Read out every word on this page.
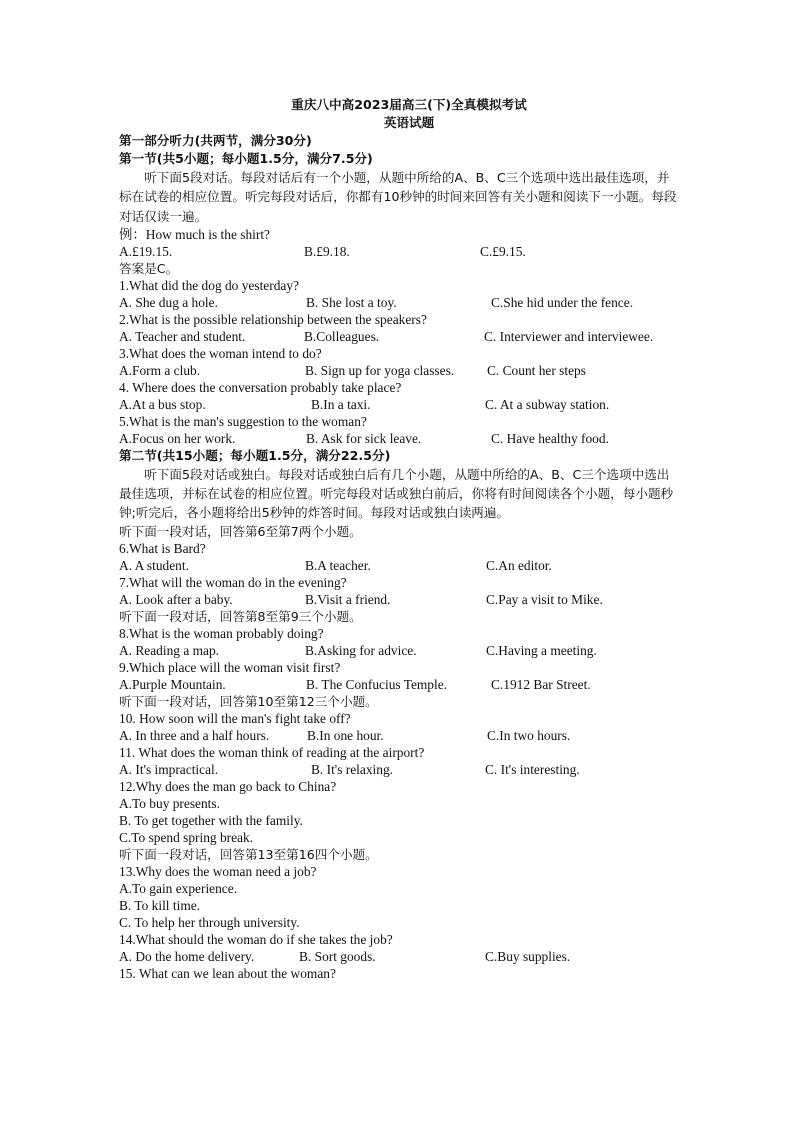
重庆八中高2023届高三(下)全真模拟考试
英语试题
第一部分听力(共两节，满分30分)
第一节(共5小题；每小题1.5分，满分7.5分)
听下面5段对话。每段对话后有一个小题，从题中所给的A、B、C三个选项中选出最佳选项，并标在试卷的相应位置。听完每段对话后，你都有10秒钟的时间来回答有关小题和阅读下一小题。每段对话仅读一遍。
例：How much is the shirt?
A.£19.15.	B.£9.18.	C.£9.15.
答案是C。
1.What did the dog do yesterday?
A. She dug a hole.	B. She lost a toy.	C.She hid under the fence.
2.What is the possible relationship between the speakers?
A. Teacher and student.	B.Colleagues.	C. Interviewer and interviewee.
3.What does the woman intend to do?
A.Form a club.	B. Sign up for yoga classes.	C. Count her steps
4. Where does the conversation probably take place?
A.At a bus stop.	B.In a taxi.	C. At a subway station.
5.What is the man's suggestion to the woman?
A.Focus on her work.	B. Ask for sick leave.	C. Have healthy food.
第二节(共15小题；每小题1.5分，满分22.5分)
听下面5段对话或独白。每段对话或独白后有几个小题，从题中所给的A、B、C三个选项中选出最佳选项，并标在试卷的相应位置。听完每段对话或独白前后，你将有时间阅读各个小题，每小题秒钟;听完后，各小题将给出5秒钟的炸答时间。每段对话或独白读两遍。
听下面一段对话，回答第6至第7两个小题。
6.What is Bard?
A. A student.	B.A teacher.	C.An editor.
7.What will the woman do in the evening?
A. Look after a baby.	B.Visit a friend.	C.Pay a visit to Mike.
听下面一段对话，回答第8至第9三个小题。
8.What is the woman probably doing?
A. Reading a map.	B.Asking for advice.	C.Having a meeting.
9.Which place will the woman visit first?
A.Purple Mountain.	B. The Confucius Temple.	C.1912 Bar Street.
听下面一段对话，回答第10至第12三个小题。
10. How soon will the man's fight take off?
A. In three and a half hours.	B.In one hour.	C.In two hours.
11. What does the woman think of reading at the airport?
A. It's impractical.	B. It's relaxing.	C. It's interesting.
12.Why does the man go back to China?
A.To buy presents.
B. To get together with the family.
C.To spend spring break.
听下面一段对话，回答第13至第16四个小题。
13.Why does the woman need a job?
A.To gain experience.
B. To kill time.
C. To help her through university.
14.What should the woman do if she takes the job?
A. Do the home delivery.	B. Sort goods.	C.Buy supplies.
15. What can we lean about the woman?
